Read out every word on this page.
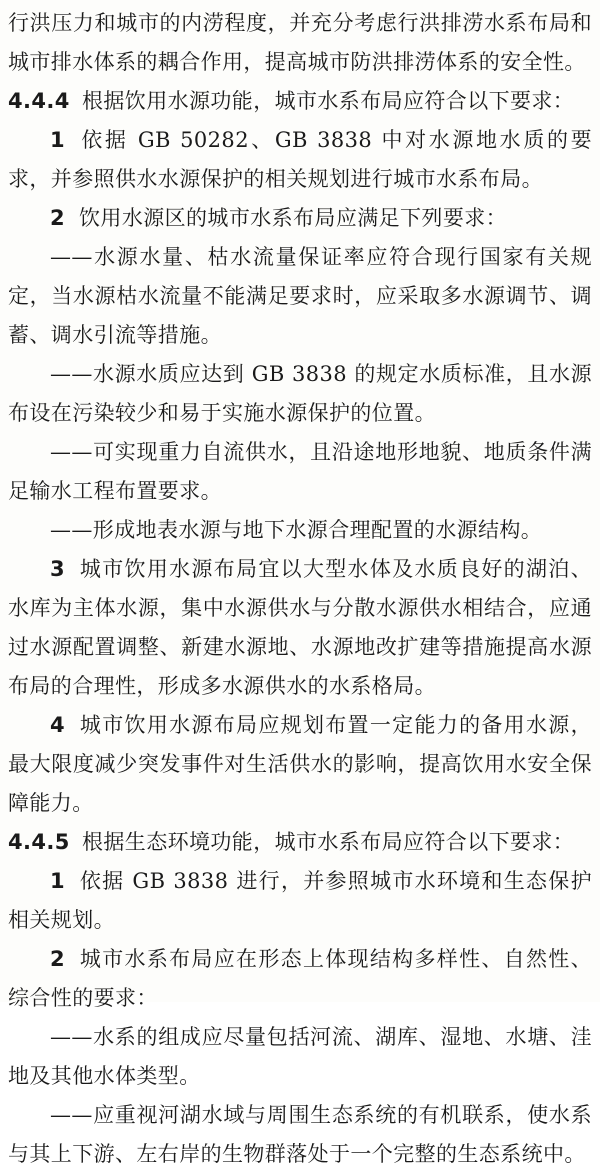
行洪压力和城市的内涝程度，并充分考虑行洪排涝水系布局和城市排水体系的耦合作用，提高城市防洪排涝体系的安全性。

4.4.4 根据饮用水源功能，城市水系布局应符合以下要求：

1 依据 GB 50282、GB 3838 中对水源地水质的要求，并参照供水水源保护的相关规划进行城市水系布局。

2 饮用水源区的城市水系布局应满足下列要求：

——水源水量、枯水流量保证率应符合现行国家有关规定，当水源枯水流量不能满足要求时，应采取多水源调节、调蓄、调水引流等措施。

——水源水质应达到 GB 3838 的规定水质标准，且水源布设在污染较少和易于实施水源保护的位置。

——可实现重力自流供水，且沿途地形地貌、地质条件满足输水工程布置要求。

——形成地表水源与地下水源合理配置的水源结构。

3 城市饮用水源布局宜以大型水体及水质良好的湖泊、水库为主体水源，集中水源供水与分散水源供水相结合，应通过水源配置调整、新建水源地、水源地改扩建等措施提高水源布局的合理性，形成多水源供水的水系格局。

4 城市饮用水源布局应规划布置一定能力的备用水源，最大限度减少突发事件对生活供水的影响，提高饮用水安全保障能力。

4.4.5 根据生态环境功能，城市水系布局应符合以下要求：

1 依据 GB 3838 进行，并参照城市水环境和生态保护相关规划。

2 城市水系布局应在形态上体现结构多样性、自然性、综合性的要求：

——水系的组成应尽量包括河流、湖库、湿地、水塘、洼地及其他水体类型。

——应重视河湖水域与周围生态系统的有机联系，使水系与其上下游、左右岸的生物群落处于一个完整的生态系统中。
